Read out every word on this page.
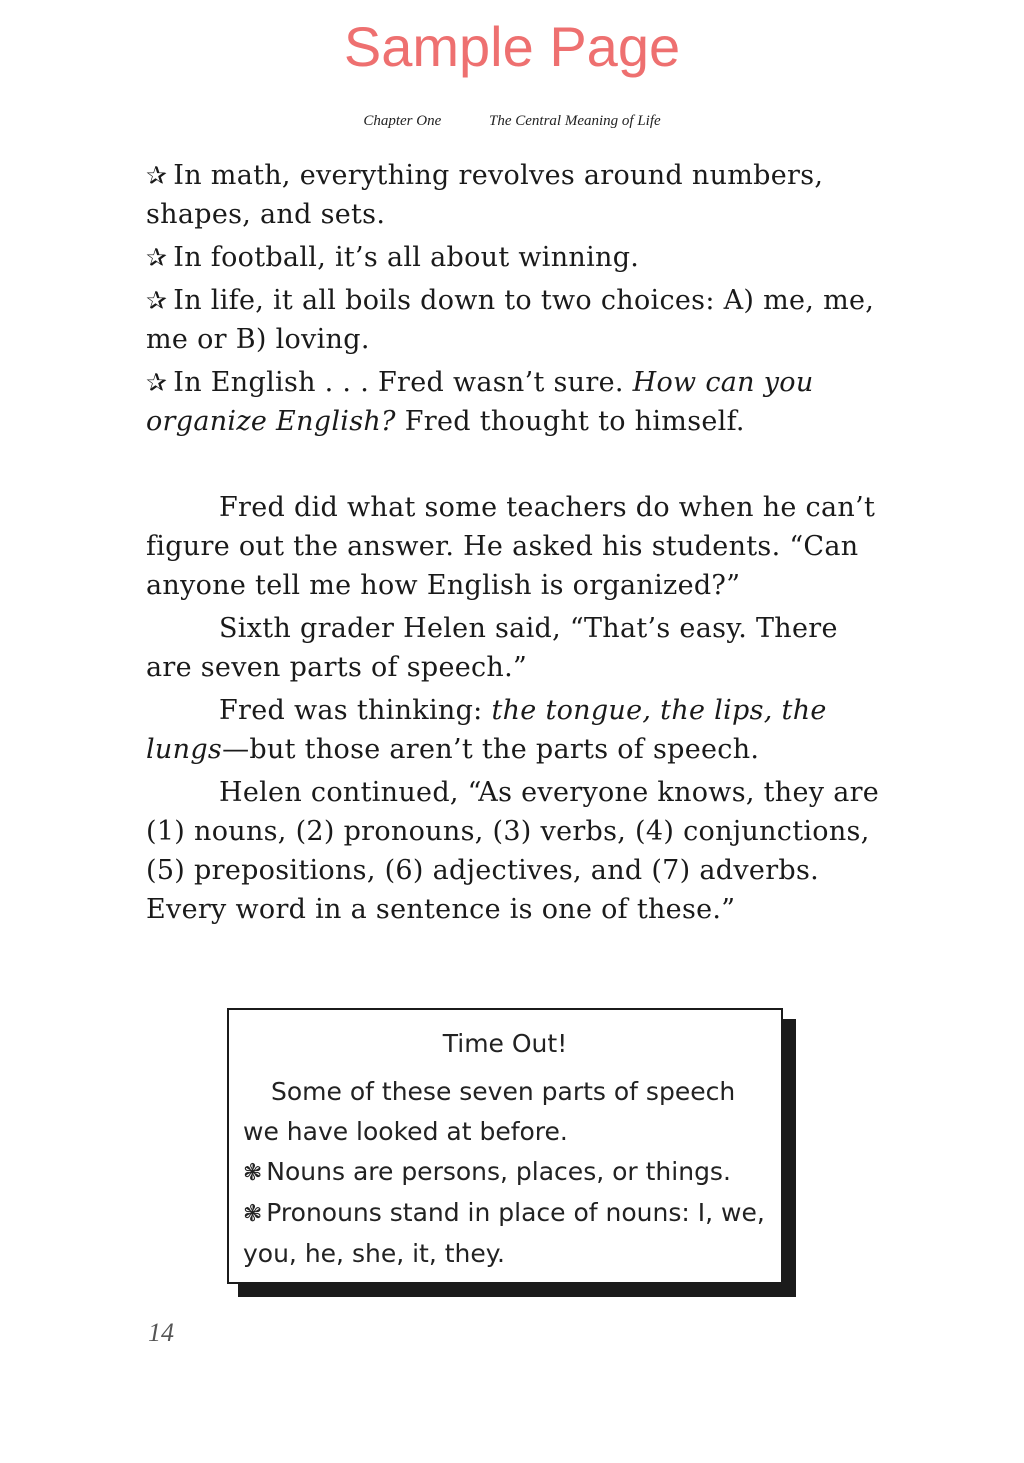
Sample Page
Chapter One	The Central Meaning of Life
✰ In math, everything revolves around numbers, shapes, and sets.
✰ In football, it’s all about winning.
✰ In life, it all boils down to two choices: A) me, me, me or B) loving.
✰ In English . . . Fred wasn’t sure. How can you organize English? Fred thought to himself.

Fred did what some teachers do when he can’t figure out the answer. He asked his students. “Can anyone tell me how English is organized?”

Sixth grader Helen said, “That’s easy. There are seven parts of speech.”

Fred was thinking: the tongue, the lips, the lungs—but those aren’t the parts of speech.

Helen continued, “As everyone knows, they are (1) nouns, (2) pronouns, (3) verbs, (4) conjunctions, (5) prepositions, (6) adjectives, and (7) adverbs. Every word in a sentence is one of these.”

Time Out!
Some of these seven parts of speech we have looked at before.
❃ Nouns are persons, places, or things.
❃ Pronouns stand in place of nouns: I, we, you, he, she, it, they.
14
